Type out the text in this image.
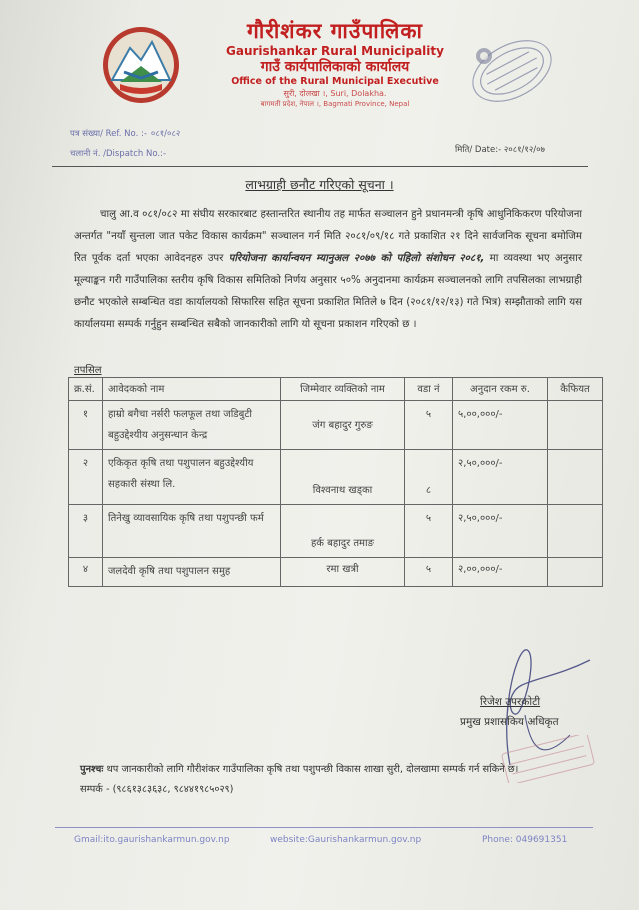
गौरीशंकर गाउँपालिका
Gaurishankar Rural Municipality
गाउँ कार्यपालिकाको कार्यालय
Office of the Rural Municipal Executive
सुरी, दोलखा ।, Suri, Dolakha.
बागमती प्रदेश, नेपाल ।, Bagmati Province, Nepal
पत्र संख्या/ Ref. No. :- ०८१/०८२
चलानी नं. /Dispatch No.:-	मिति/ Date:- २०८१/१२/०७
लाभग्राही छनौट गरिएको सूचना ।
चालु आ.व ०८१/०८२ मा संघीय सरकारबाट हस्तान्तरित स्थानीय तह मार्फत सञ्चालन हुने प्रधानमन्त्री कृषि आधुनिकिकरण परियोजना अन्तर्गत "नयाँ सुन्तला जात पकेट विकास कार्यक्रम" सञ्चालन गर्न मिति २०८१/०९/१८ गते प्रकाशित २१ दिने सार्वजनिक सूचना बमोजिम रित पूर्वक दर्ता भएका आवेदनहरु उपर परियोजना कार्यान्वयन म्यानुअल २०७७ को पहिलो संशोधन २०८१, मा व्यवस्था भए अनुसार मूल्याङ्कन गरी गाउँपालिका स्तरीय कृषि विकास समितिको निर्णय अनुसार ५०% अनुदानमा कार्यक्रम सञ्चालनको लागि तपसिलका लाभग्राही छनौट भएकोले सम्बन्धित वडा कार्यालयको सिफारिस सहित सूचना प्रकाशित मितिले ७ दिन (२०८१/१२/१३) गते भित्र) सम्झौताको लागि यस कार्यालयमा सम्पर्क गर्नुहुन सम्बन्धित सबैको जानकारीको लागि यो सूचना प्रकाशन गरिएको छ ।
तपसिल
क्र.सं.	आवेदकको नाम	जिम्मेवार व्यक्तिको नाम	वडा नं	अनुदान रकम रु.	कैफियत
१	हाम्रो बगैचा नर्सरी फलफूल तथा जडिबुटी बहुउद्देश्यीय अनुसन्धान केन्द्र	जंग बहादुर गुरुङ	५	५,००,०००/-	
२	एकिकृत कृषि तथा पशुपालन बहुउद्देश्यीय सहकारी संस्था लि.	विश्वनाथ खड्का	८	२,५०,०००/-	
३	तिनेखु व्यावसायिक कृषि तथा पशुपन्छी फर्म	हर्क बहादुर तमाङ	५	२,५०,०००/-	
४	जलदेवी कृषि तथा पशुपालन समुह	रमा खत्री	५	२,००,०००/-	
रिजेश उपरकोटी
प्रमुख प्रशासकिय अधिकृत
पुनश्चः थप जानकारीको लागि गौरीशंकर गाउँपालिका कृषि तथा पशुपन्छी विकास शाखा सुरी, दोलखामा सम्पर्क गर्न सकिने छ। सम्पर्क - (९८६१३८३६३८, ९८४४१९८५०२९)
Gmail:ito.gaurishankarmun.gov.np	website:Gaurishankarmun.gov.np	Phone: 049691351
